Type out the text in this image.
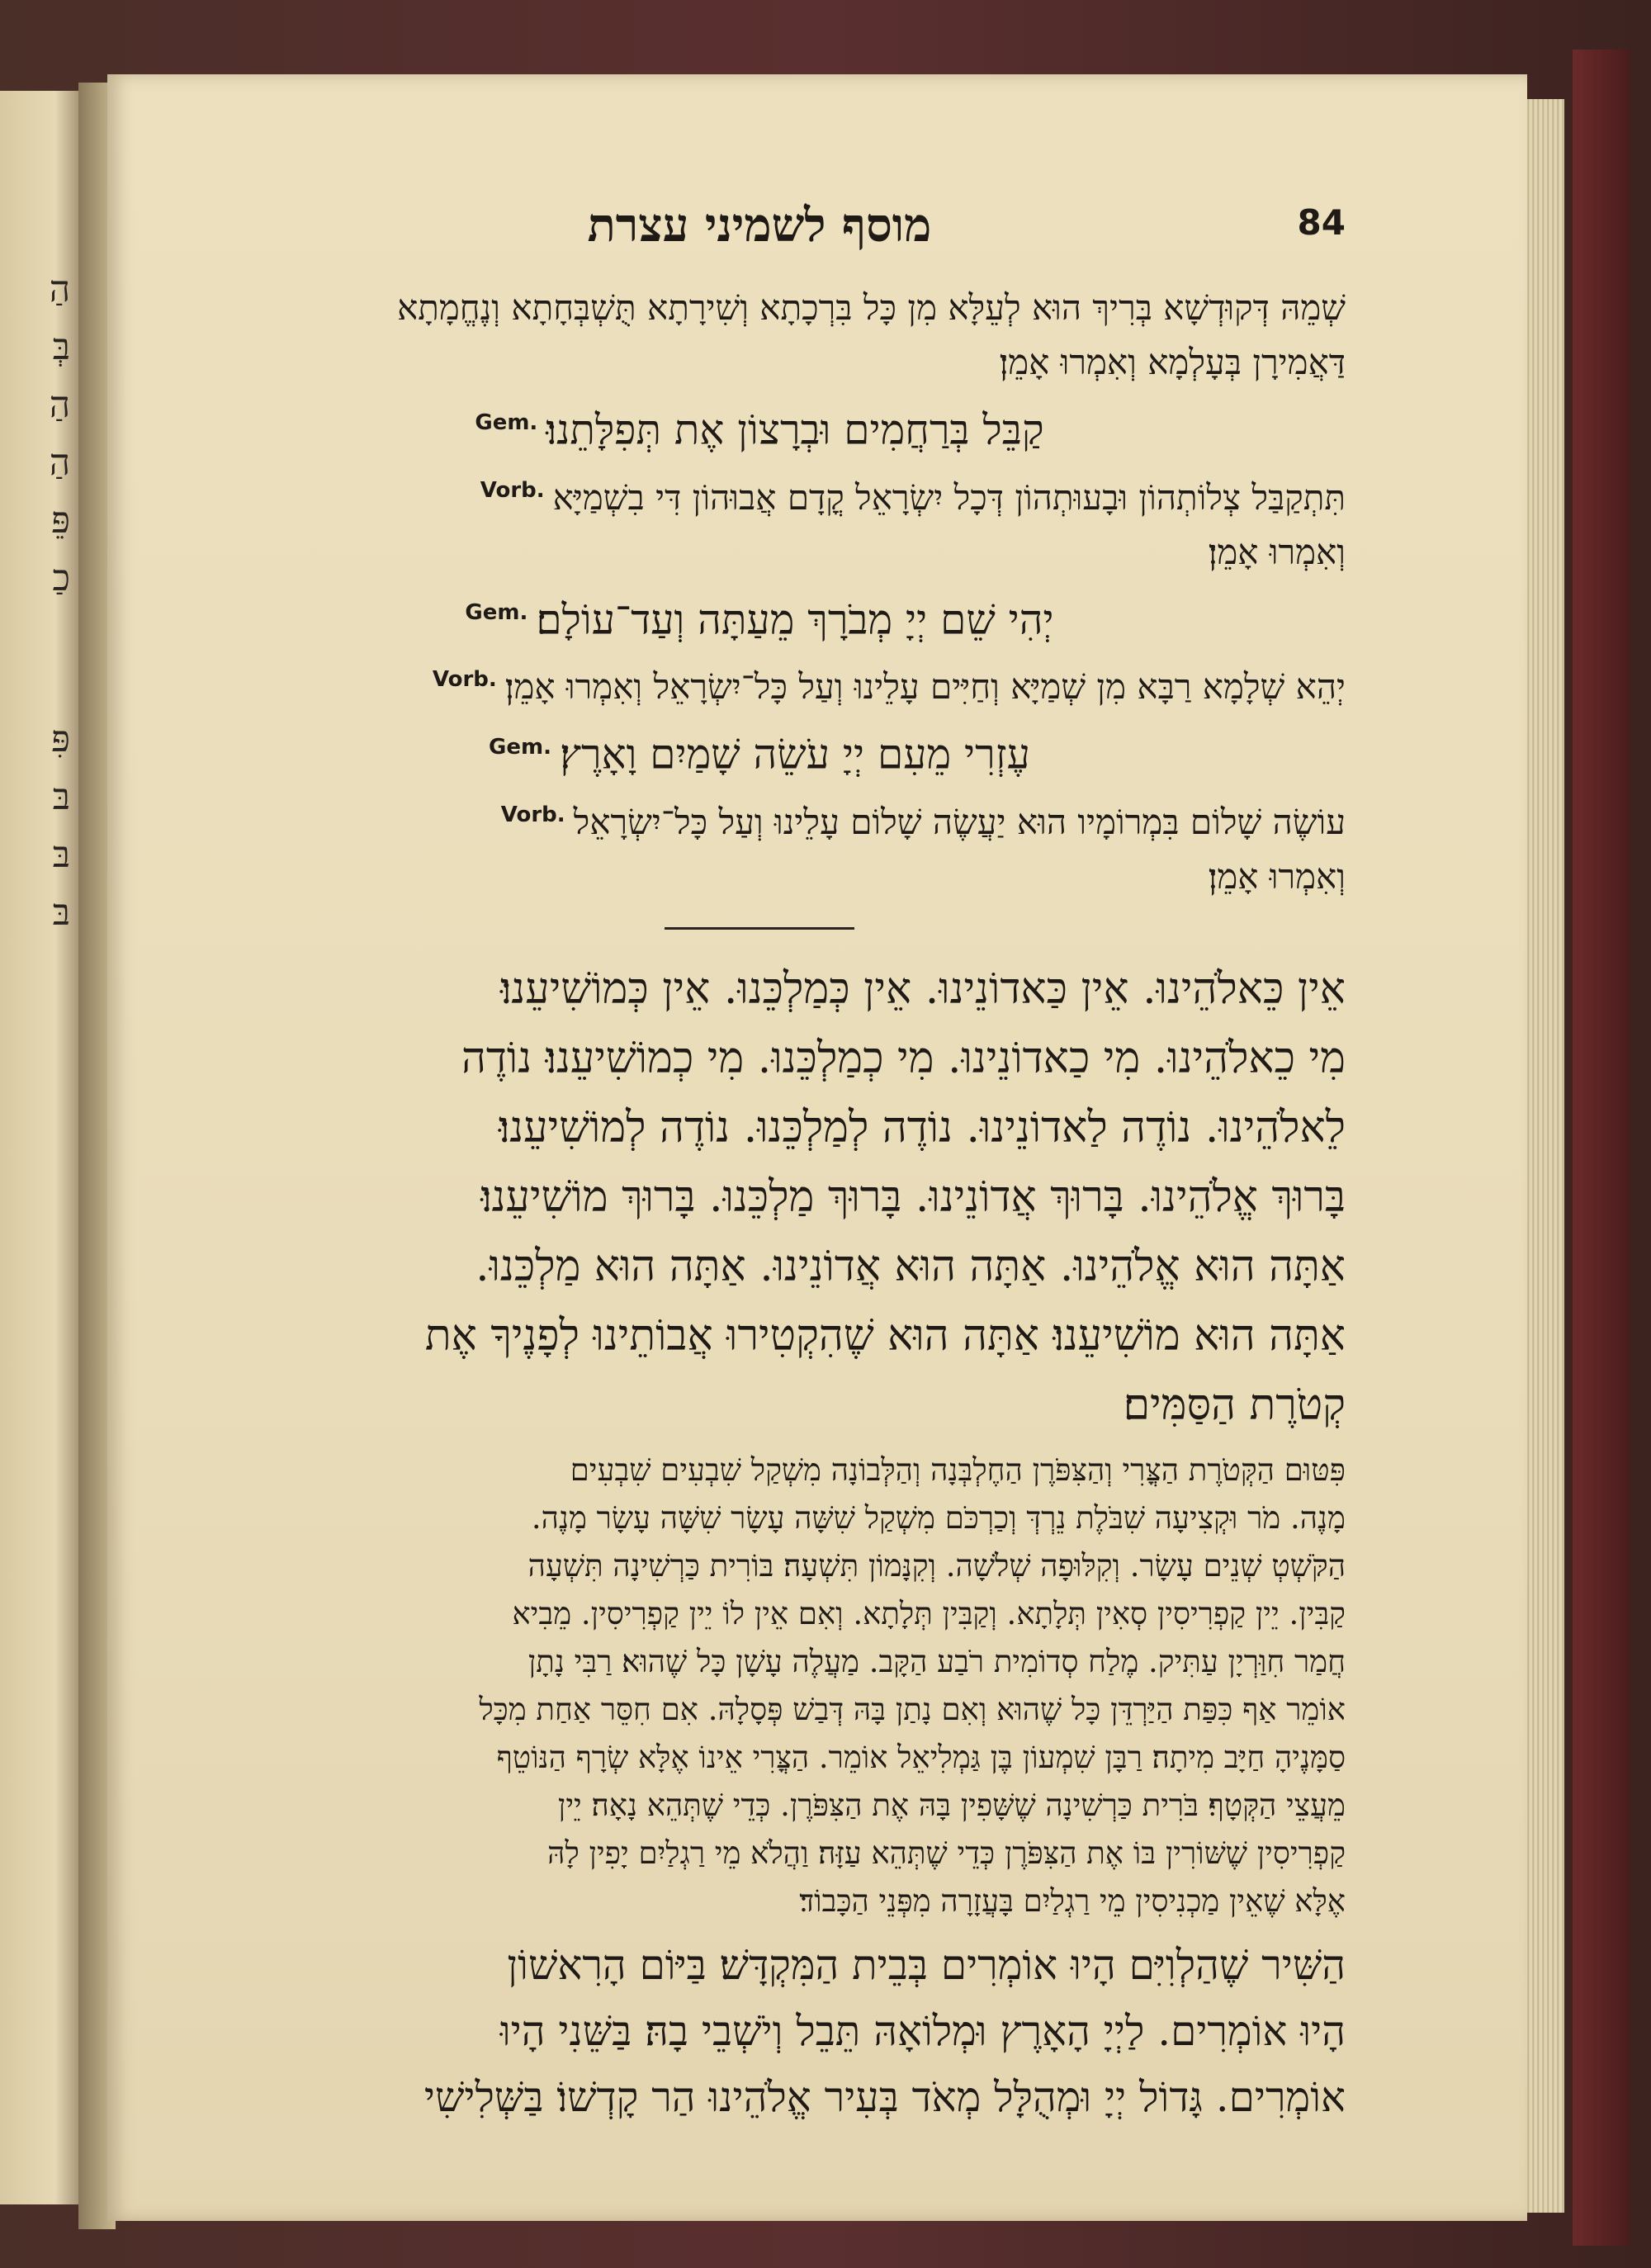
הַ
בְּ
הַ
הַ
פֵּ
כַ
פִּ
בּ
בּ
בּ
84
מוסף לשמיני עצרת
שְׁמֵהּ דְּקוּדְשָׁא בְּרִיךְ הוּא לְעֵלָּא מִן כָּל בִּרְכָתָא וְשִׁירָתָא תֻּשְׁבְּחָתָא וְנֶחֱמָתָא
דַּאֲמִירָן בְּעָלְמָא וְאִמְרוּ אָמֵן׃
קַבֵּל בְּרַחֲמִים וּבְרָצוֹן אֶת תְּפִלָּתֵנוּ׃Gem.
תִּתְקַבַּל צְלוֹתְהוֹן וּבָעוּתְהוֹן דְּכָל יִשְׂרָאֵל קֳדָם אֲבוּהוֹן דִּי בִשְׁמַיָּאVorb.
וְאִמְרוּ אָמֵן׃
יְהִי שֵׁם יְיָ מְבֹרָךְ מֵעַתָּה וְעַד־עוֹלָם׃Gem.
יְהֵא שְׁלָמָא רַבָּא מִן שְׁמַיָּא וְחַיִּים עָלֵינוּ וְעַל כָּל־יִשְׂרָאֵל וְאִמְרוּ אָמֵן׃Vorb.
עֶזְרִי מֵעִם יְיָ עֹשֵׂה שָׁמַיִם וָאָרֶץ׃Gem.
עוֹשֶׂה שָׁלוֹם בִּמְרוֹמָיו הוּא יַעֲשֶׂה שָׁלוֹם עָלֵינוּ וְעַל כָּל־יִשְׂרָאֵלVorb.
וְאִמְרוּ אָמֵן׃
אֵין כֵּאלֹהֵינוּ. אֵין כַּאדוֹנֵינוּ. אֵין כְּמַלְכֵּנוּ. אֵין כְּמוֹשִׁיעֵנוּ׃
מִי כֵאלֹהֵינוּ. מִי כַאדוֹנֵינוּ. מִי כְמַלְכֵּנוּ. מִי כְמוֹשִׁיעֵנוּ׃ נוֹדֶה
לֵאלֹהֵינוּ. נוֹדֶה לַאדוֹנֵינוּ. נוֹדֶה לְמַלְכֵּנוּ. נוֹדֶה לְמוֹשִׁיעֵנוּ׃
בָּרוּךְ אֱלֹהֵינוּ. בָּרוּךְ אֲדוֹנֵינוּ. בָּרוּךְ מַלְכֵּנוּ. בָּרוּךְ מוֹשִׁיעֵנוּ׃
אַתָּה הוּא אֱלֹהֵינוּ. אַתָּה הוּא אֲדוֹנֵינוּ. אַתָּה הוּא מַלְכֵּנוּ.
אַתָּה הוּא מוֹשִׁיעֵנוּ׃ אַתָּה הוּא שֶׁהִקְטִירוּ אֲבוֹתֵינוּ לְפָנֶיךָ אֶת
קְטֹרֶת הַסַּמִּים׃
פִּטּוּם הַקְּטֹרֶת הַצֳּרִי וְהַצִּפֹּרֶן הַחֶלְבְּנָה וְהַלְּבוֹנָה מִשְׁקַל שִׁבְעִים שִׁבְעִים
מָנֶה. מֹר וּקְצִיעָה שִׁבֹּלֶת נֵרְדְּ וְכַרְכֹּם מִשְׁקַל שִׁשָּׁה עָשָׂר שִׁשָּׁה עָשָׂר מָנֶה.
הַקֹּשְׁטְ שְׁנֵים עָשָׂר. וְקִלּוּפָה שְׁלֹשָׁה. וְקִנָּמוֹן תִּשְׁעָה׃ בּוֹרִית כַּרְשִׁינָה תִּשְׁעָה
קַבִּין. יֵין קַפְרִיסִין סְאִין תְּלָתָא. וְקַבִּין תְּלָתָא. וְאִם אֵין לוֹ יֵין קַפְרִיסִין. מֵבִיא
חֲמַר חִוַּרְיָן עַתִּיק. מֶלַח סְדוֹמִית רֹבַע הַקָּב. מַעֲלֶה עָשָׁן כָּל שֶׁהוּא׃ רַבִּי נָתָן
אוֹמֵר אַף כִּפַּת הַיַּרְדֵּן כָּל שֶׁהוּא וְאִם נָתַן בָּהּ דְּבַשׁ פְּסָלָהּ. אִם חִסֵּר אַחַת מִכָּל
סַמָּנֶיהָ חַיָּב מִיתָה׃ רַבָּן שִׁמְעוֹן בֶּן גַּמְלִיאֵל אוֹמֵר. הַצֳּרִי אֵינוֹ אֶלָּא שְׂרָף הַנּוֹטֵף
מֵעֲצֵי הַקְּטָף׃ בֹּרִית כַּרְשִׁינָה שֶׁשָּׁפִין בָּהּ אֶת הַצִּפֹּרֶן. כְּדֵי שֶׁתְּהֵא נָאָה׃ יֵין
קַפְרִיסִין שֶׁשּׁוֹרִין בּוֹ אֶת הַצִּפֹּרֶן כְּדֵי שֶׁתְּהֵא עַזָּה׃ וַהֲלֹא מֵי רַגְלַיִם יָפִין לָהּ
אֶלָּא שֶׁאֵין מַכְנִיסִין מֵי רַגְלַיִם בָּעֲזָרָה מִפְּנֵי הַכָּבוֹד׃
הַשִּׁיר שֶׁהַלְוִיִּם הָיוּ אוֹמְרִים בְּבֵית הַמִּקְדָּשׁ׃ בַּיּוֹם הָרִאשׁוֹן
הָיוּ אוֹמְרִים. לַיְיָ הָאָרֶץ וּמְלוֹאָהּ תֵּבֵל וְיֹשְׁבֵי בָהּ׃ בַּשֵּׁנִי הָיוּ
אוֹמְרִים. גָּדוֹל יְיָ וּמְהֻלָּל מְאֹד בְּעִיר אֱלֹהֵינוּ הַר קָדְשׁוֹ׃ בַּשְּׁלִישִׁי
